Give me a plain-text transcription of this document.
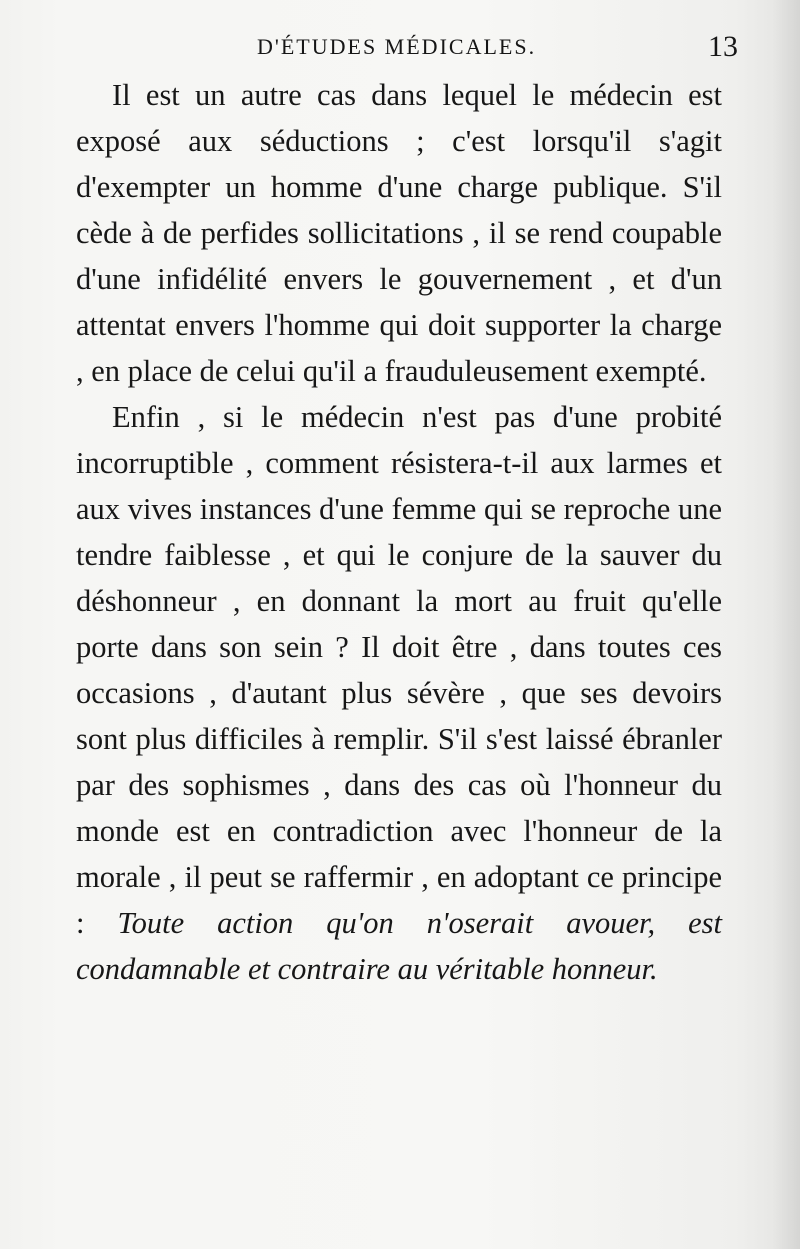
D'ÉTUDES MÉDICALES.	13

Il est un autre cas dans lequel le médecin est exposé aux séductions ; c'est lorsqu'il s'agit d'exempter un homme d'une charge publique. S'il cède à de perfides sollicitations , il se rend coupable d'une infidélité envers le gouvernement , et d'un attentat envers l'homme qui doit supporter la charge , en place de celui qu'il a frauduleusement exempté.

Enfin , si le médecin n'est pas d'une probité incorruptible , comment résistera-t-il aux larmes et aux vives instances d'une femme qui se reproche une tendre faiblesse , et qui le conjure de la sauver du déshonneur , en donnant la mort au fruit qu'elle porte dans son sein ? Il doit être , dans toutes ces occasions , d'autant plus sévère , que ses devoirs sont plus difficiles à remplir. S'il s'est laissé ébranler par des sophismes , dans des cas où l'honneur du monde est en contradiction avec l'honneur de la morale , il peut se raffermir , en adoptant ce principe : Toute action qu'on n'oserait avouer, est condamnable et contraire au véritable honneur.
